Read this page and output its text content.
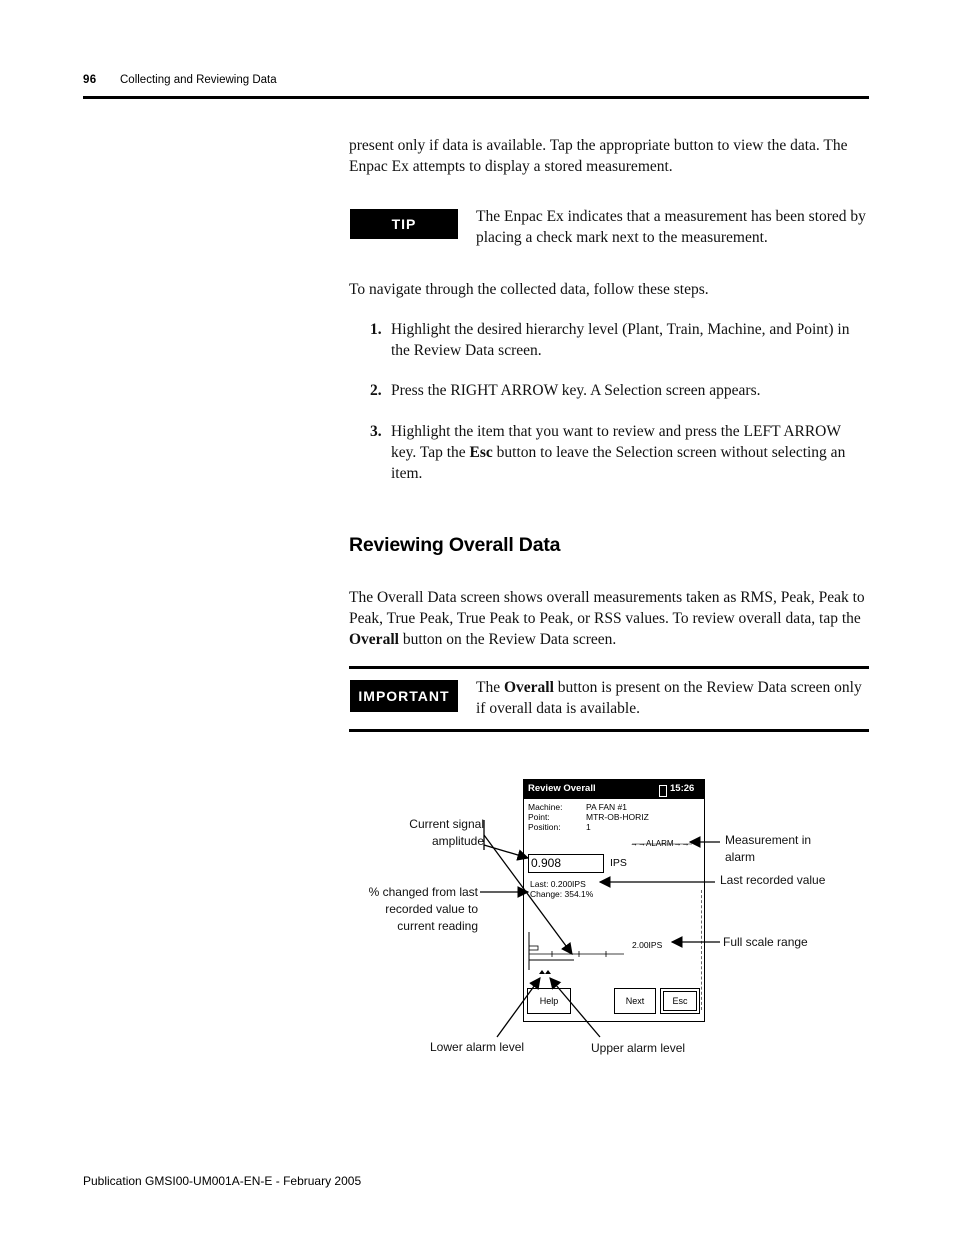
96 Collecting and Reviewing Data
present only if data is available. Tap the appropriate button to view the data. The Enpac Ex attempts to display a stored measurement.
TIP	The Enpac Ex indicates that a measurement has been stored by placing a check mark next to the measurement.
To navigate through the collected data, follow these steps.
1. Highlight the desired hierarchy level (Plant, Train, Machine, and Point) in the Review Data screen.
2. Press the RIGHT ARROW key. A Selection screen appears.
3. Highlight the item that you want to review and press the LEFT ARROW key. Tap the Esc button to leave the Selection screen without selecting an item.
Reviewing Overall Data
The Overall Data screen shows overall measurements taken as RMS, Peak, Peak to Peak, True Peak, True Peak to Peak, or RSS values. To review overall data, tap the Overall button on the Review Data screen.
IMPORTANT	The Overall button is present on the Review Data screen only if overall data is available.
Review Overall	15:26
Machine:	PA FAN #1
Point:	MTR-OB-HORIZ
Position:	1
→→ALARM→→
0.908	IPS
Last: 0.200IPS
Change: 354.1%
2.00IPS
Help	Next	Esc
Current signal amplitude
% changed from last recorded value to current reading
Measurement in alarm
Last recorded value
Full scale range
Lower alarm level	Upper alarm level
Publication GMSI00-UM001A-EN-E - February 2005
